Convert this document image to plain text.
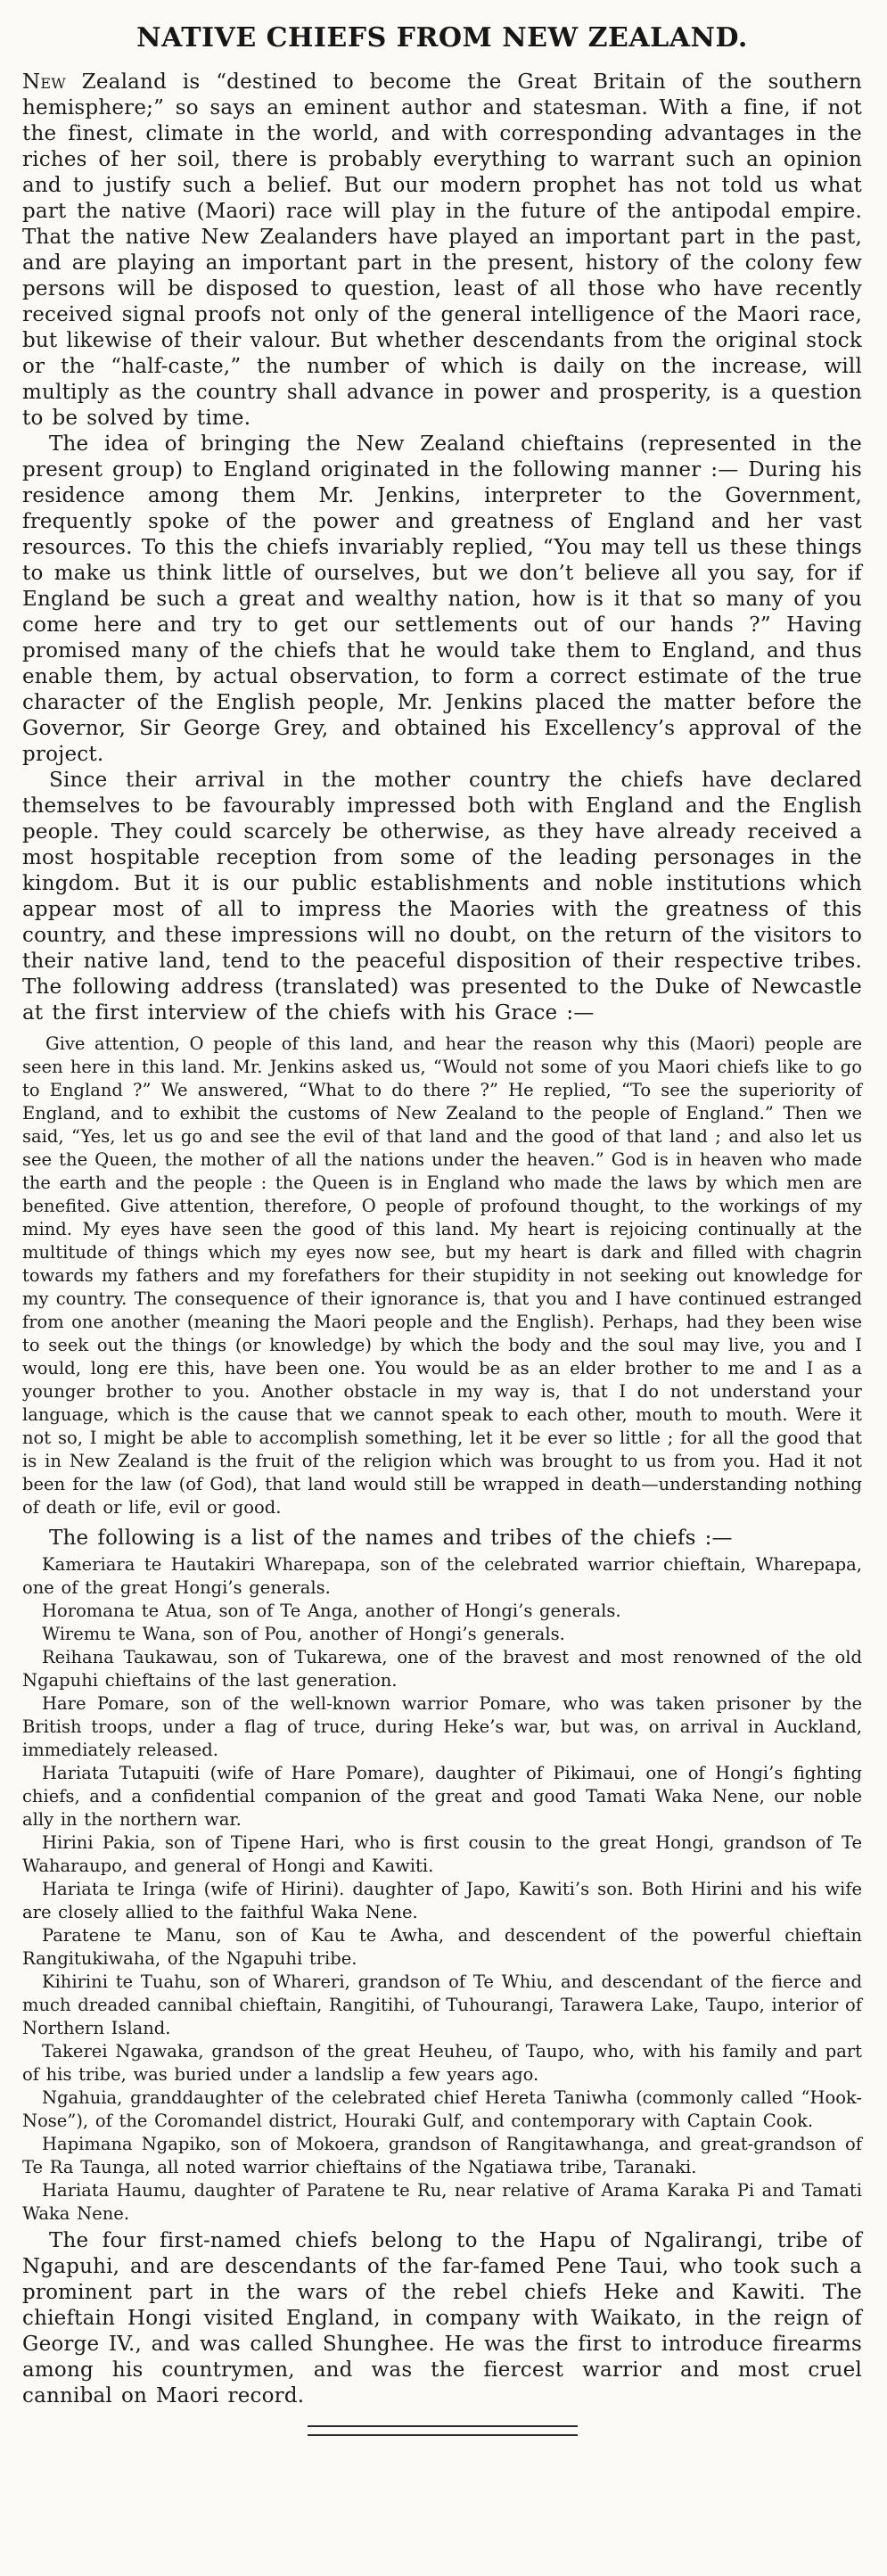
NATIVE CHIEFS FROM NEW ZEALAND.

New Zealand is “destined to become the Great Britain of the southern hemisphere;” so says an eminent author and statesman. With a fine, if not the finest, climate in the world, and with corresponding advantages in the riches of her soil, there is probably everything to warrant such an opinion and to justify such a belief. But our modern prophet has not told us what part the native (Maori) race will play in the future of the antipodal empire. That the native New Zealanders have played an important part in the past, and are playing an important part in the present, history of the colony few persons will be disposed to question, least of all those who have recently received signal proofs not only of the general intelligence of the Maori race, but likewise of their valour. But whether descendants from the original stock or the “half-caste,” the number of which is daily on the increase, will multiply as the country shall advance in power and prosperity, is a question to be solved by time.

The idea of bringing the New Zealand chieftains (represented in the present group) to England originated in the following manner :— During his residence among them Mr. Jenkins, interpreter to the Government, frequently spoke of the power and greatness of England and her vast resources. To this the chiefs invariably replied, “You may tell us these things to make us think little of ourselves, but we don’t believe all you say, for if England be such a great and wealthy nation, how is it that so many of you come here and try to get our settlements out of our hands ?” Having promised many of the chiefs that he would take them to England, and thus enable them, by actual observation, to form a correct estimate of the true character of the English people, Mr. Jenkins placed the matter before the Governor, Sir George Grey, and obtained his Excellency’s approval of the project.

Since their arrival in the mother country the chiefs have declared themselves to be favourably impressed both with England and the English people. They could scarcely be otherwise, as they have already received a most hospitable reception from some of the leading personages in the kingdom. But it is our public establishments and noble institutions which appear most of all to impress the Maories with the greatness of this country, and these impressions will no doubt, on the return of the visitors to their native land, tend to the peaceful disposition of their respective tribes. The following address (translated) was presented to the Duke of Newcastle at the first interview of the chiefs with his Grace :—

Give attention, O people of this land, and hear the reason why this (Maori) people are seen here in this land. Mr. Jenkins asked us, “Would not some of you Maori chiefs like to go to England ?” We answered, “What to do there ?” He replied, “To see the superiority of England, and to exhibit the customs of New Zealand to the people of England.” Then we said, “Yes, let us go and see the evil of that land and the good of that land ; and also let us see the Queen, the mother of all the nations under the heaven.” God is in heaven who made the earth and the people : the Queen is in England who made the laws by which men are benefited. Give attention, therefore, O people of profound thought, to the workings of my mind. My eyes have seen the good of this land. My heart is rejoicing continually at the multitude of things which my eyes now see, but my heart is dark and filled with chagrin towards my fathers and my forefathers for their stupidity in not seeking out knowledge for my country. The consequence of their ignorance is, that you and I have continued estranged from one another (meaning the Maori people and the English). Perhaps, had they been wise to seek out the things (or knowledge) by which the body and the soul may live, you and I would, long ere this, have been one. You would be as an elder brother to me and I as a younger brother to you. Another obstacle in my way is, that I do not understand your language, which is the cause that we cannot speak to each other, mouth to mouth. Were it not so, I might be able to accomplish something, let it be ever so little ; for all the good that is in New Zealand is the fruit of the religion which was brought to us from you. Had it not been for the law (of God), that land would still be wrapped in death—understanding nothing of death or life, evil or good.

The following is a list of the names and tribes of the chiefs :—

Kameriara te Hautakiri Wharepapa, son of the celebrated warrior chieftain, Wharepapa, one of the great Hongi’s generals.

Horomana te Atua, son of Te Anga, another of Hongi’s generals.

Wiremu te Wana, son of Pou, another of Hongi’s generals.

Reihana Taukawau, son of Tukarewa, one of the bravest and most renowned of the old Ngapuhi chieftains of the last generation.

Hare Pomare, son of the well-known warrior Pomare, who was taken prisoner by the British troops, under a flag of truce, during Heke’s war, but was, on arrival in Auckland, immediately released.

Hariata Tutapuiti (wife of Hare Pomare), daughter of Pikimaui, one of Hongi’s fighting chiefs, and a confidential companion of the great and good Tamati Waka Nene, our noble ally in the northern war.

Hirini Pakia, son of Tipene Hari, who is first cousin to the great Hongi, grandson of Te Waharaupo, and general of Hongi and Kawiti.

Hariata te Iringa (wife of Hirini). daughter of Japo, Kawiti’s son. Both Hirini and his wife are closely allied to the faithful Waka Nene.

Paratene te Manu, son of Kau te Awha, and descendent of the powerful chieftain Rangitukiwaha, of the Ngapuhi tribe.

Kihirini te Tuahu, son of Whareri, grandson of Te Whiu, and descendant of the fierce and much dreaded cannibal chieftain, Rangitihi, of Tuhourangi, Tarawera Lake, Taupo, interior of Northern Island.

Takerei Ngawaka, grandson of the great Heuheu, of Taupo, who, with his family and part of his tribe, was buried under a landslip a few years ago.

Ngahuia, granddaughter of the celebrated chief Hereta Taniwha (commonly called “Hook-Nose”), of the Coromandel district, Houraki Gulf, and contemporary with Captain Cook.

Hapimana Ngapiko, son of Mokoera, grandson of Rangitawhanga, and great-grandson of Te Ra Taunga, all noted warrior chieftains of the Ngatiawa tribe, Taranaki.

Hariata Haumu, daughter of Paratene te Ru, near relative of Arama Karaka Pi and Tamati Waka Nene.

The four first-named chiefs belong to the Hapu of Ngalirangi, tribe of Ngapuhi, and are descendants of the far-famed Pene Taui, who took such a prominent part in the wars of the rebel chiefs Heke and Kawiti. The chieftain Hongi visited England, in company with Waikato, in the reign of George IV., and was called Shunghee. He was the first to introduce firearms among his countrymen, and was the fiercest warrior and most cruel cannibal on Maori record.
